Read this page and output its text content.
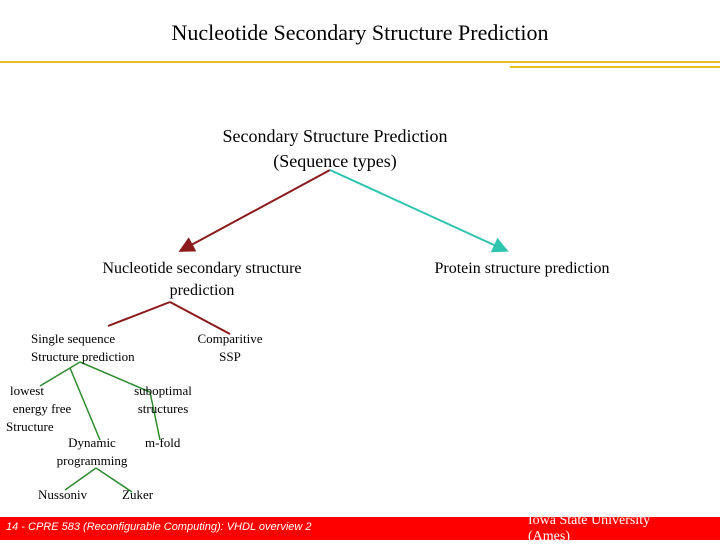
Nucleotide Secondary Structure Prediction
Secondary Structure Prediction
(Sequence types)
Nucleotide secondary structure
prediction
Protein structure prediction
Single sequence
Structure prediction
Comparitive
SSP
lowest
energy free
Structure
suboptimal
structures
Dynamic
programming
m-fold
Nussoniv	Zuker
14 - CPRE 583 (Reconfigurable Computing): VHDL overview 2	Iowa State University
(Ames)
